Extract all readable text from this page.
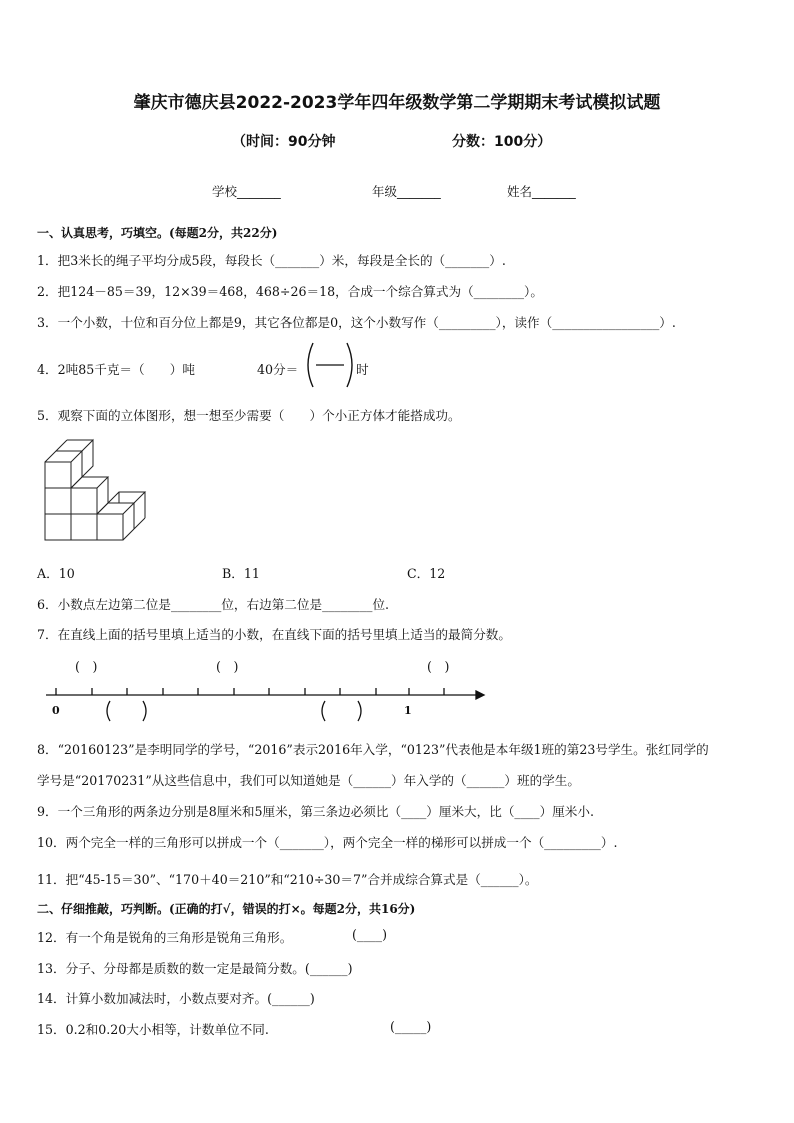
肇庆市德庆县2022-2023学年四年级数学第二学期期末考试模拟试题
（时间：90分钟	分数：100分）
学校_______	年级_______	姓名_______
一、认真思考，巧填空。(每题2分，共22分)
1．把3米长的绳子平均分成5段，每段长（_______）米，每段是全长的（_______）.
2．把124－85＝39，12×39＝468，468÷26＝18，合成一个综合算式为（________）。
3．一个小数，十位和百分位上都是9，其它各位都是0，这个小数写作（_________），读作（_________________）.
4．2吨85千克＝（　　）吨	40分＝	时
5．观察下面的立体图形，想一想至少需要（　　）个小正方体才能搭成功。
A．10	B．11	C．12
6．小数点左边第二位是________位，右边第二位是________位.
7．在直线上面的括号里填上适当的小数，在直线下面的括号里填上适当的最简分数。
(　)	(　)	(　)
0	1
8．“20160123”是李明同学的学号，“2016”表示2016年入学，“0123”代表他是本年级1班的第23号学生。张红同学的
学号是“20170231”从这些信息中，我们可以知道她是（______）年入学的（______）班的学生。
9．一个三角形的两条边分别是8厘米和5厘米，第三条边必须比（____）厘米大，比（____）厘米小.
10．两个完全一样的三角形可以拼成一个（_______），两个完全一样的梯形可以拼成一个（_________）.
11．把“45-15＝30”、“170＋40＝210”和“210÷30＝7”合并成综合算式是（______）。
二、仔细推敲，巧判断。(正确的打√，错误的打×。每题2分，共16分)
12．有一个角是锐角的三角形是锐角三角形。	(____)
13．分子、分母都是质数的数一定是最简分数。(______)
14．计算小数加减法时，小数点要对齐。(______)
15．0.2和0.20大小相等，计数单位不同.	(_____)
